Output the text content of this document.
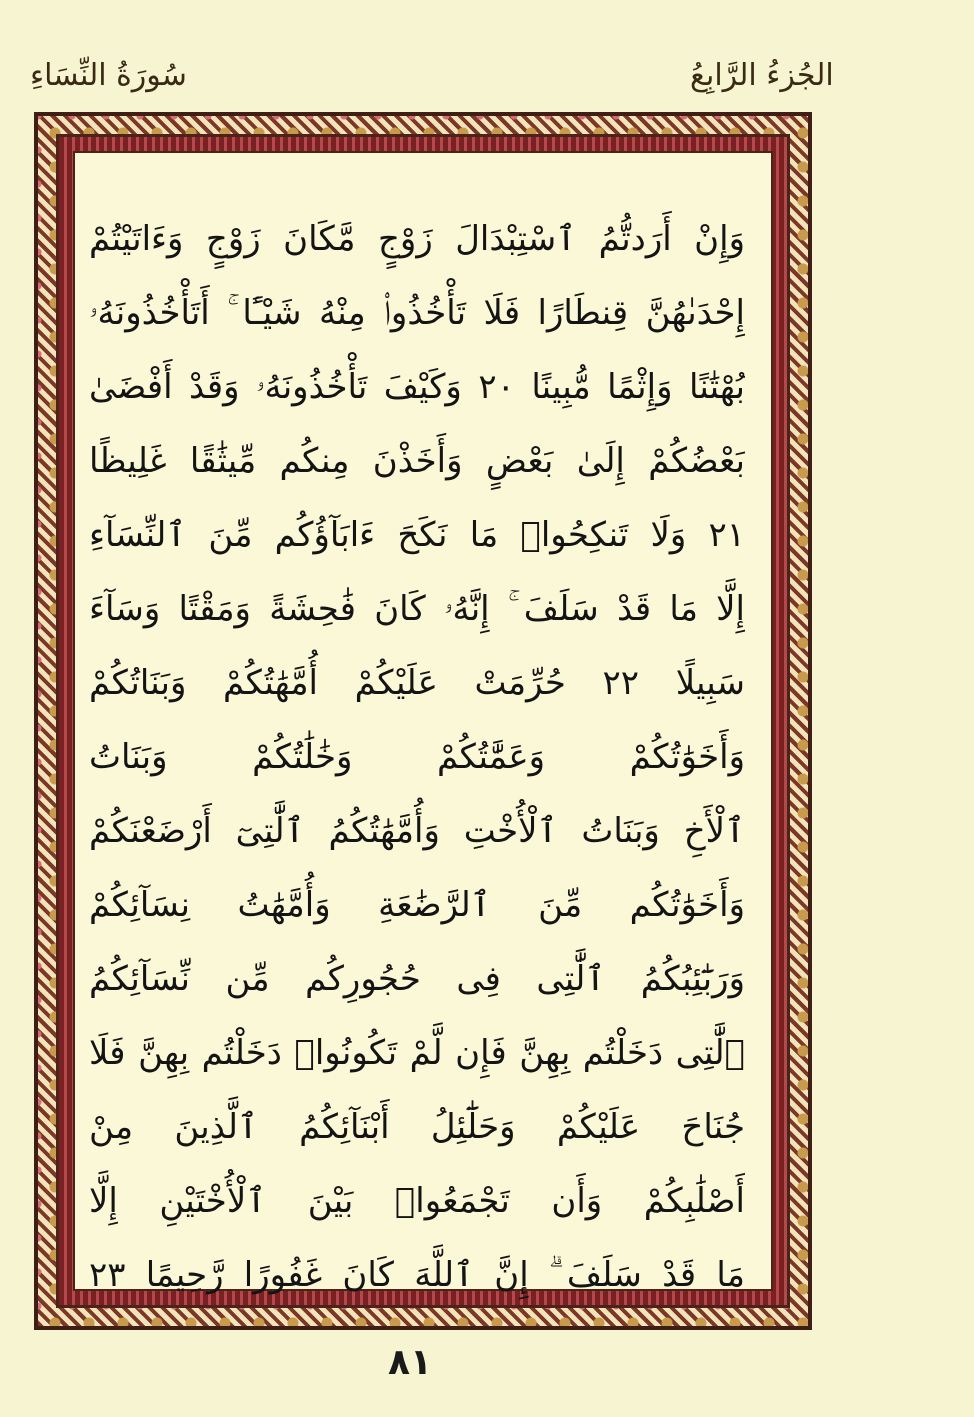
الجُزءُ الرَّابِعُ
سُورَةُ النِّسَاءِ
وَإِنْ أَرَدتُّمُ ٱسْتِبْدَالَ زَوْجٍ مَّكَانَ زَوْجٍ وَءَاتَيْتُمْ
إِحْدَىٰهُنَّ قِنطَارًا فَلَا تَأْخُذُوا۟ مِنْهُ شَيْـًٔا ۚ أَتَأْخُذُونَهُۥ
بُهْتَٰنًا وَإِثْمًا مُّبِينًا ٢٠ وَكَيْفَ تَأْخُذُونَهُۥ وَقَدْ أَفْضَىٰ
بَعْضُكُمْ إِلَىٰ بَعْضٍ وَأَخَذْنَ مِنكُم مِّيثَٰقًا غَلِيظًا
٢١ وَلَا تَنكِحُوا۟ مَا نَكَحَ ءَابَآؤُكُم مِّنَ ٱلنِّسَآءِ
إِلَّا مَا قَدْ سَلَفَ ۚ إِنَّهُۥ كَانَ فَٰحِشَةً وَمَقْتًا وَسَآءَ
سَبِيلًا ٢٢ حُرِّمَتْ عَلَيْكُمْ أُمَّهَٰتُكُمْ وَبَنَاتُكُمْ
وَأَخَوَٰتُكُمْ وَعَمَّٰتُكُمْ وَخَٰلَٰتُكُمْ وَبَنَاتُ
ٱلْأَخِ وَبَنَاتُ ٱلْأُخْتِ وَأُمَّهَٰتُكُمُ ٱلَّٰتِىٓ أَرْضَعْنَكُمْ
وَأَخَوَٰتُكُم مِّنَ ٱلرَّضَٰعَةِ وَأُمَّهَٰتُ نِسَآئِكُمْ
وَرَبَٰٓئِبُكُمُ ٱلَّٰتِى فِى حُجُورِكُم مِّن نِّسَآئِكُمُ
ٱلَّٰتِى دَخَلْتُم بِهِنَّ فَإِن لَّمْ تَكُونُوا۟ دَخَلْتُم بِهِنَّ فَلَا
جُنَاحَ عَلَيْكُمْ وَحَلَٰٓئِلُ أَبْنَآئِكُمُ ٱلَّذِينَ مِنْ
أَصْلَٰبِكُمْ وَأَن تَجْمَعُوا۟ بَيْنَ ٱلْأُخْتَيْنِ إِلَّا
مَا قَدْ سَلَفَ ۗ إِنَّ ٱللَّهَ كَانَ غَفُورًا رَّحِيمًا ٢٣
٨١
